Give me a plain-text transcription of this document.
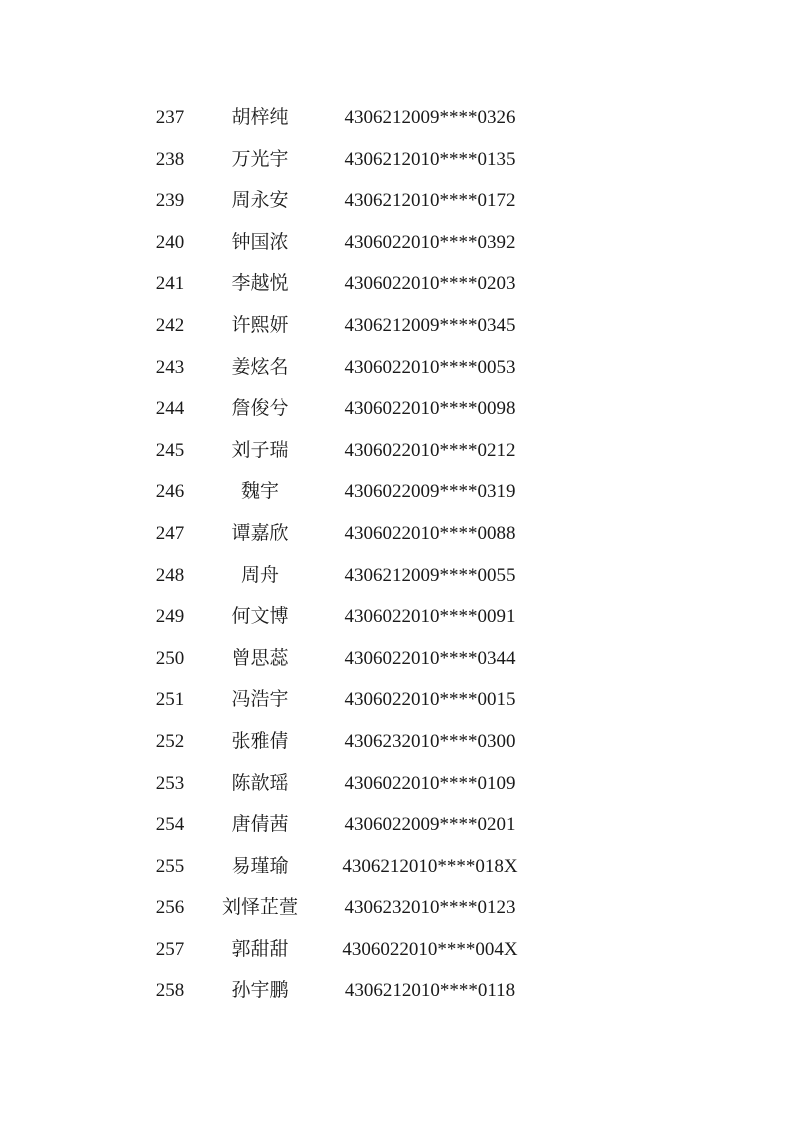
237	胡梓纯	4306212009****0326
238	万光宇	4306212010****0135
239	周永安	4306212010****0172
240	钟国浓	4306022010****0392
241	李越悦	4306022010****0203
242	许熙妍	4306212009****0345
243	姜炫名	4306022010****0053
244	詹俊兮	4306022010****0098
245	刘子瑞	4306022010****0212
246	魏宇	4306022009****0319
247	谭嘉欣	4306022010****0088
248	周舟	4306212009****0055
249	何文博	4306022010****0091
250	曾思蕊	4306022010****0344
251	冯浩宇	4306022010****0015
252	张雅倩	4306232010****0300
253	陈歆瑶	4306022010****0109
254	唐倩茜	4306022009****0201
255	易瑾瑜	4306212010****018X
256	刘怿芷萱	4306232010****0123
257	郭甜甜	4306022010****004X
258	孙宇鹏	4306212010****0118
